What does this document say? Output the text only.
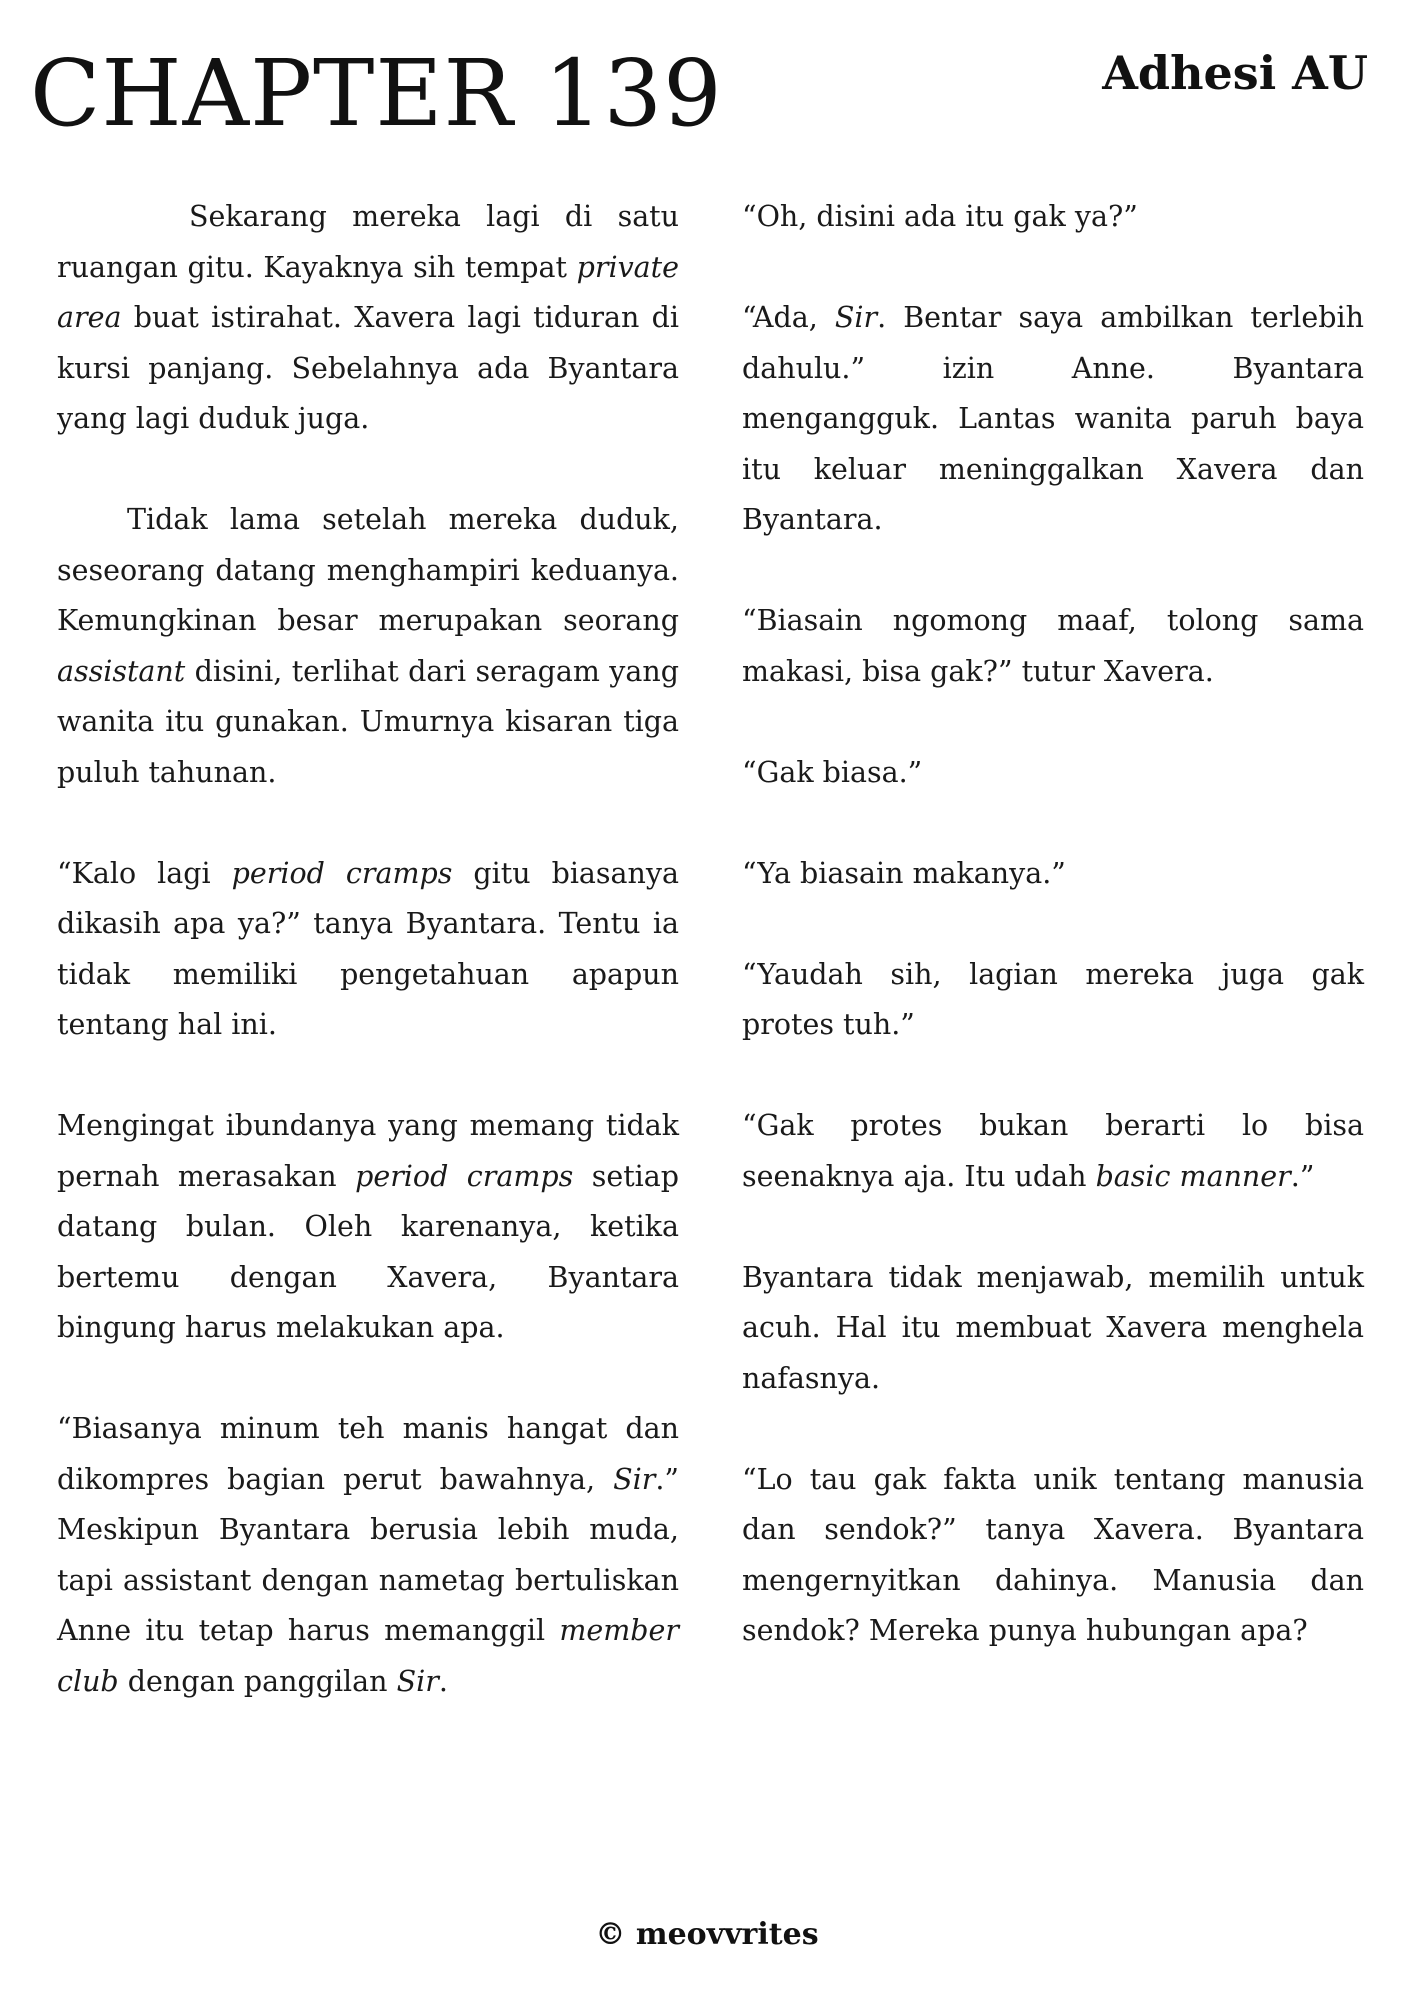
CHAPTER 139	Adhesi AU

Sekarang mereka lagi di satu ruangan gitu. Kayaknya sih tempat private area buat istirahat. Xavera lagi tiduran di kursi panjang. Sebelahnya ada Byantara yang lagi duduk juga.

Tidak lama setelah mereka duduk, seseorang datang menghampiri keduanya. Kemungkinan besar merupakan seorang assistant disini, terlihat dari seragam yang wanita itu gunakan. Umurnya kisaran tiga puluh tahunan.

“Kalo lagi period cramps gitu biasanya dikasih apa ya?” tanya Byantara. Tentu ia tidak memiliki pengetahuan apapun tentang hal ini.

Mengingat ibundanya yang memang tidak pernah merasakan period cramps setiap datang bulan. Oleh karenanya, ketika bertemu dengan Xavera, Byantara bingung harus melakukan apa.

“Biasanya minum teh manis hangat dan dikompres bagian perut bawahnya, Sir.” Meskipun Byantara berusia lebih muda, tapi assistant dengan nametag bertuliskan Anne itu tetap harus memanggil member club dengan panggilan Sir.

“Oh, disini ada itu gak ya?”

“Ada, Sir. Bentar saya ambilkan terlebih dahulu.” izin Anne. Byantara mengangguk. Lantas wanita paruh baya itu keluar meninggalkan Xavera dan Byantara.

“Biasain ngomong maaf, tolong sama makasi, bisa gak?” tutur Xavera.

“Gak biasa.”

“Ya biasain makanya.”

“Yaudah sih, lagian mereka juga gak protes tuh.”

“Gak protes bukan berarti lo bisa seenaknya aja. Itu udah basic manner.”

Byantara tidak menjawab, memilih untuk acuh. Hal itu membuat Xavera menghela nafasnya.

“Lo tau gak fakta unik tentang manusia dan sendok?” tanya Xavera. Byantara mengernyitkan dahinya. Manusia dan sendok? Mereka punya hubungan apa?

© meovvrites
